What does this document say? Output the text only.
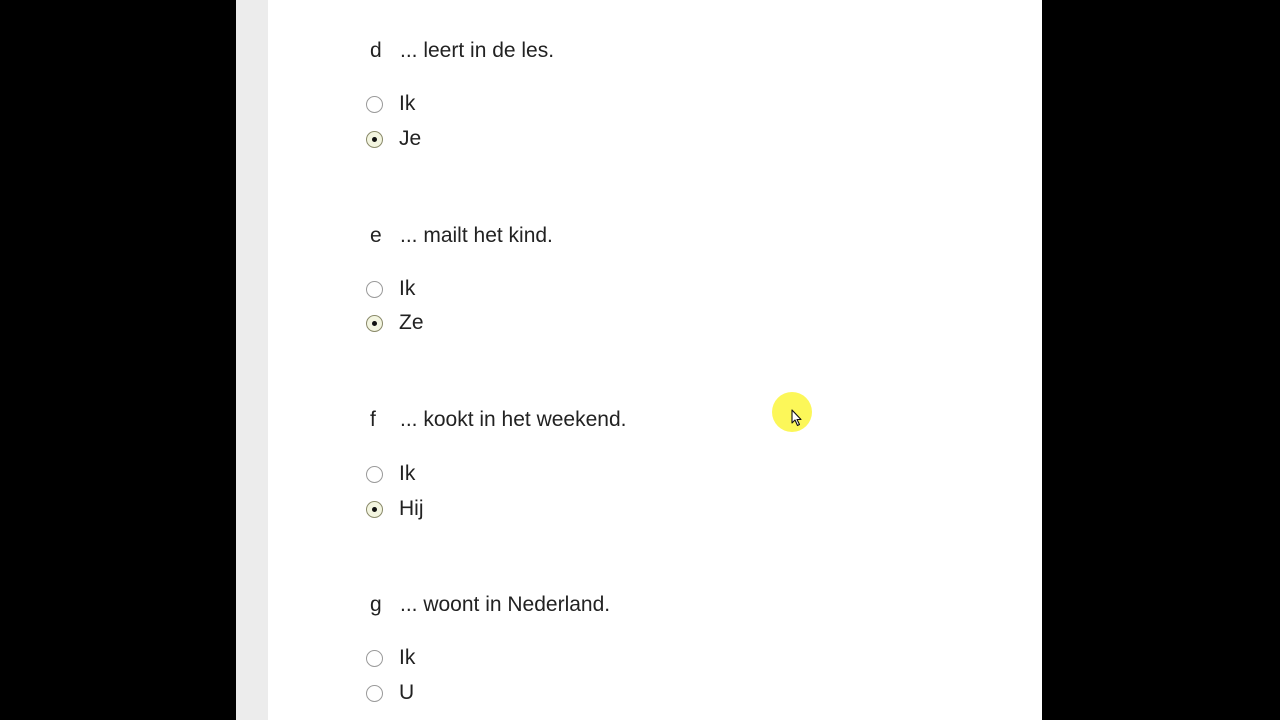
d ... leert in de les.
Ik
Je
e ... mailt het kind.
Ik
Ze
f ... kookt in het weekend.
Ik
Hij
g ... woont in Nederland.
Ik
U
